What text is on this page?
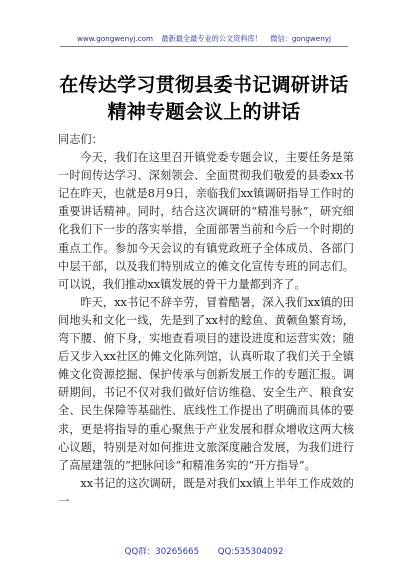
www.gongwenyj.com 最新最全最专业的公文资料库！ 微信：gongwenyj
在传达学习贯彻县委书记调研讲话精神专题会议上的讲话

同志们：

今天，我们在这里召开镇党委专题会议，主要任务是第一时间传达学习、深刻领会、全面贯彻我们敬爱的县委xx书记在昨天，也就是8月9日，亲临我们xx镇调研指导工作时的重要讲话精神。同时，结合这次调研的“精准号脉”，研究细化我们下一步的落实举措，全面部署当前和今后一个时期的重点工作。参加今天会议的有镇党政班子全体成员、各部门中层干部，以及我们特别成立的傩文化宣传专班的同志们。可以说，我们推动xx镇发展的骨干力量都到齐了。

昨天，xx书记不辞辛劳，冒着酷暑，深入我们xx镇的田间地头和文化一线，先是到了xx村的鲶鱼、黄颡鱼繁育场，弯下腰、俯下身，实地查看项目的建设进度和运营实效；随后又步入xx社区的傩文化陈列馆，认真听取了我们关于全镇傩文化资源挖掘、保护传承与创新发展工作的专题汇报。调研期间，书记不仅对我们做好信访维稳、安全生产、粮食安全、民生保障等基础性、底线性工作提出了明确而具体的要求，更是将指导的重心聚焦于产业发展和群众增收这两大核心议题，特别是对如何推进文旅深度融合发展，为我们进行了高屋建瓴的“把脉问诊”和精准务实的“开方指导”。

xx书记的这次调研，既是对我们xx镇上半年工作成效的一

QQ群：30265665 QQ:535304092
